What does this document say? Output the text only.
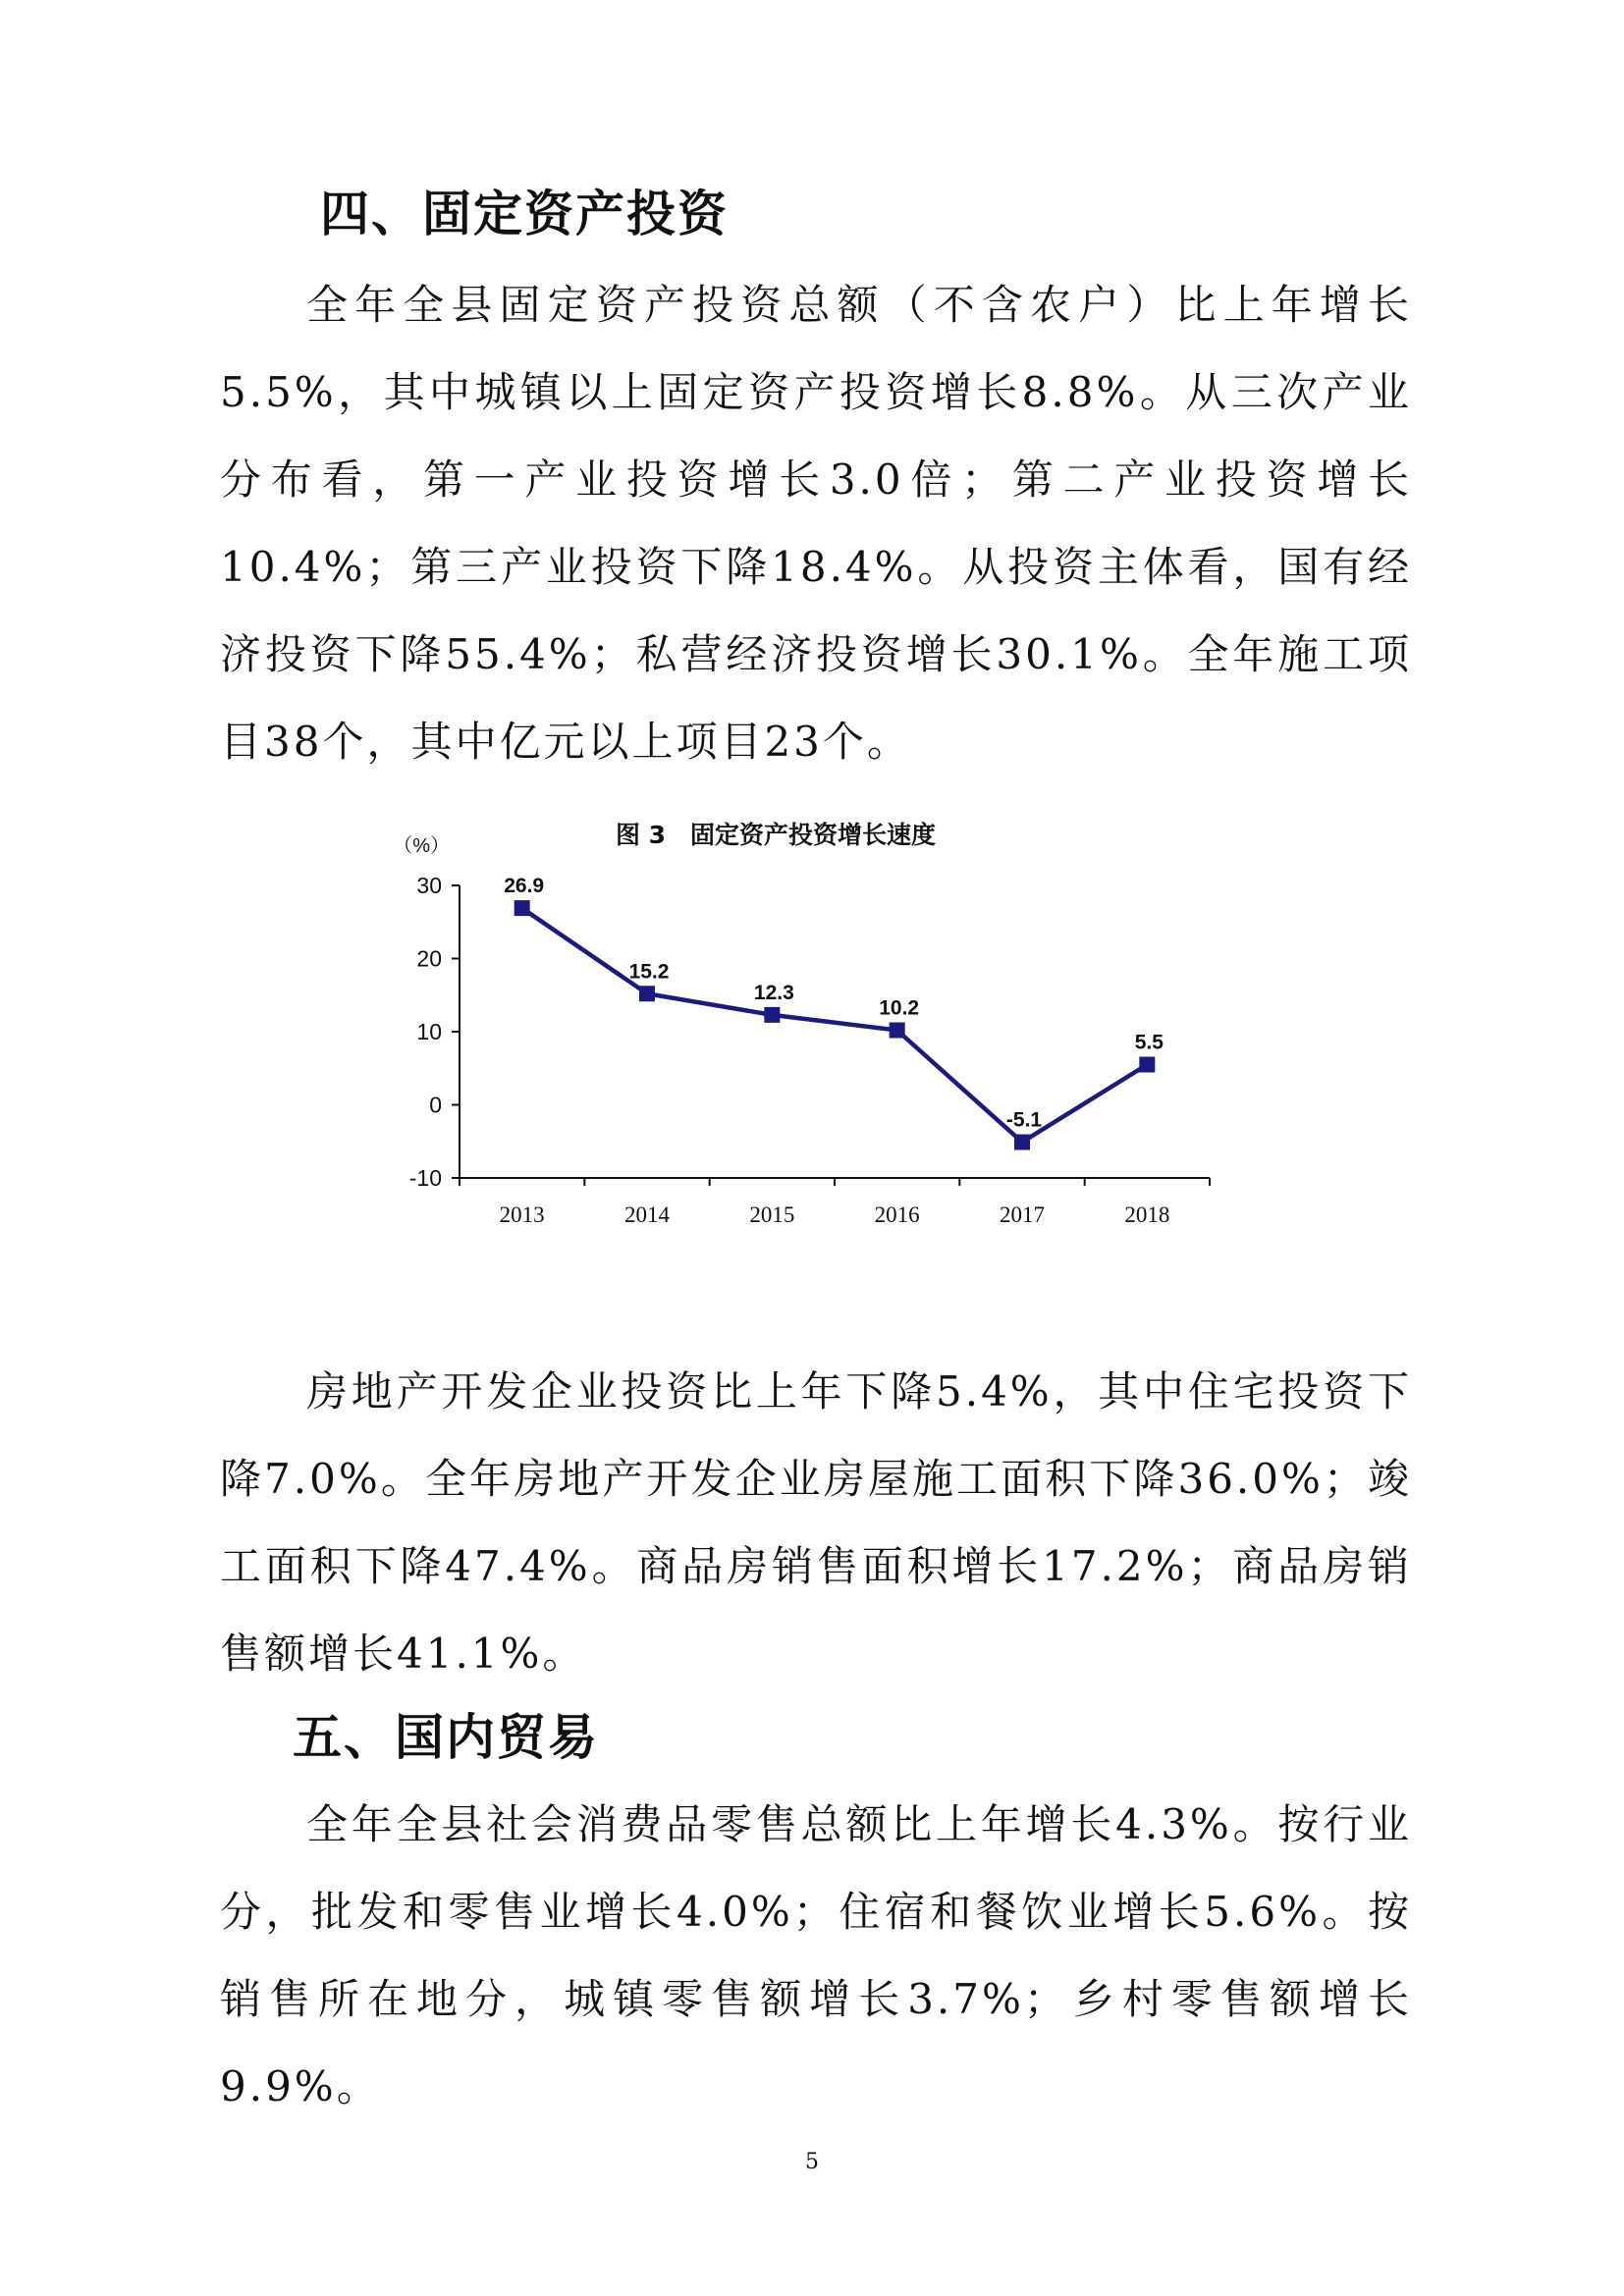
四、固定资产投资

全年全县固定资产投资总额（不含农户）比上年增长5.5%，其中城镇以上固定资产投资增长8.8%。从三次产业分布看，第一产业投资增长3.0倍；第二产业投资增长10.4%；第三产业投资下降18.4%。从投资主体看，国有经济投资下降55.4%；私营经济投资增长30.1%。全年施工项目38个，其中亿元以上项目23个。

图 3　固定资产投资增长速度
（%）
30
20
10
0
-10
2013	2014	2015	2016	2017	2018
26.9
15.2
12.3
10.2
-5.1
5.5

房地产开发企业投资比上年下降5.4%，其中住宅投资下降7.0%。全年房地产开发企业房屋施工面积下降36.0%；竣工面积下降47.4%。商品房销售面积增长17.2%；商品房销售额增长41.1%。

五、国内贸易

全年全县社会消费品零售总额比上年增长4.3%。按行业分，批发和零售业增长4.0%；住宿和餐饮业增长5.6%。按销售所在地分，城镇零售额增长3.7%；乡村零售额增长9.9%。

5
